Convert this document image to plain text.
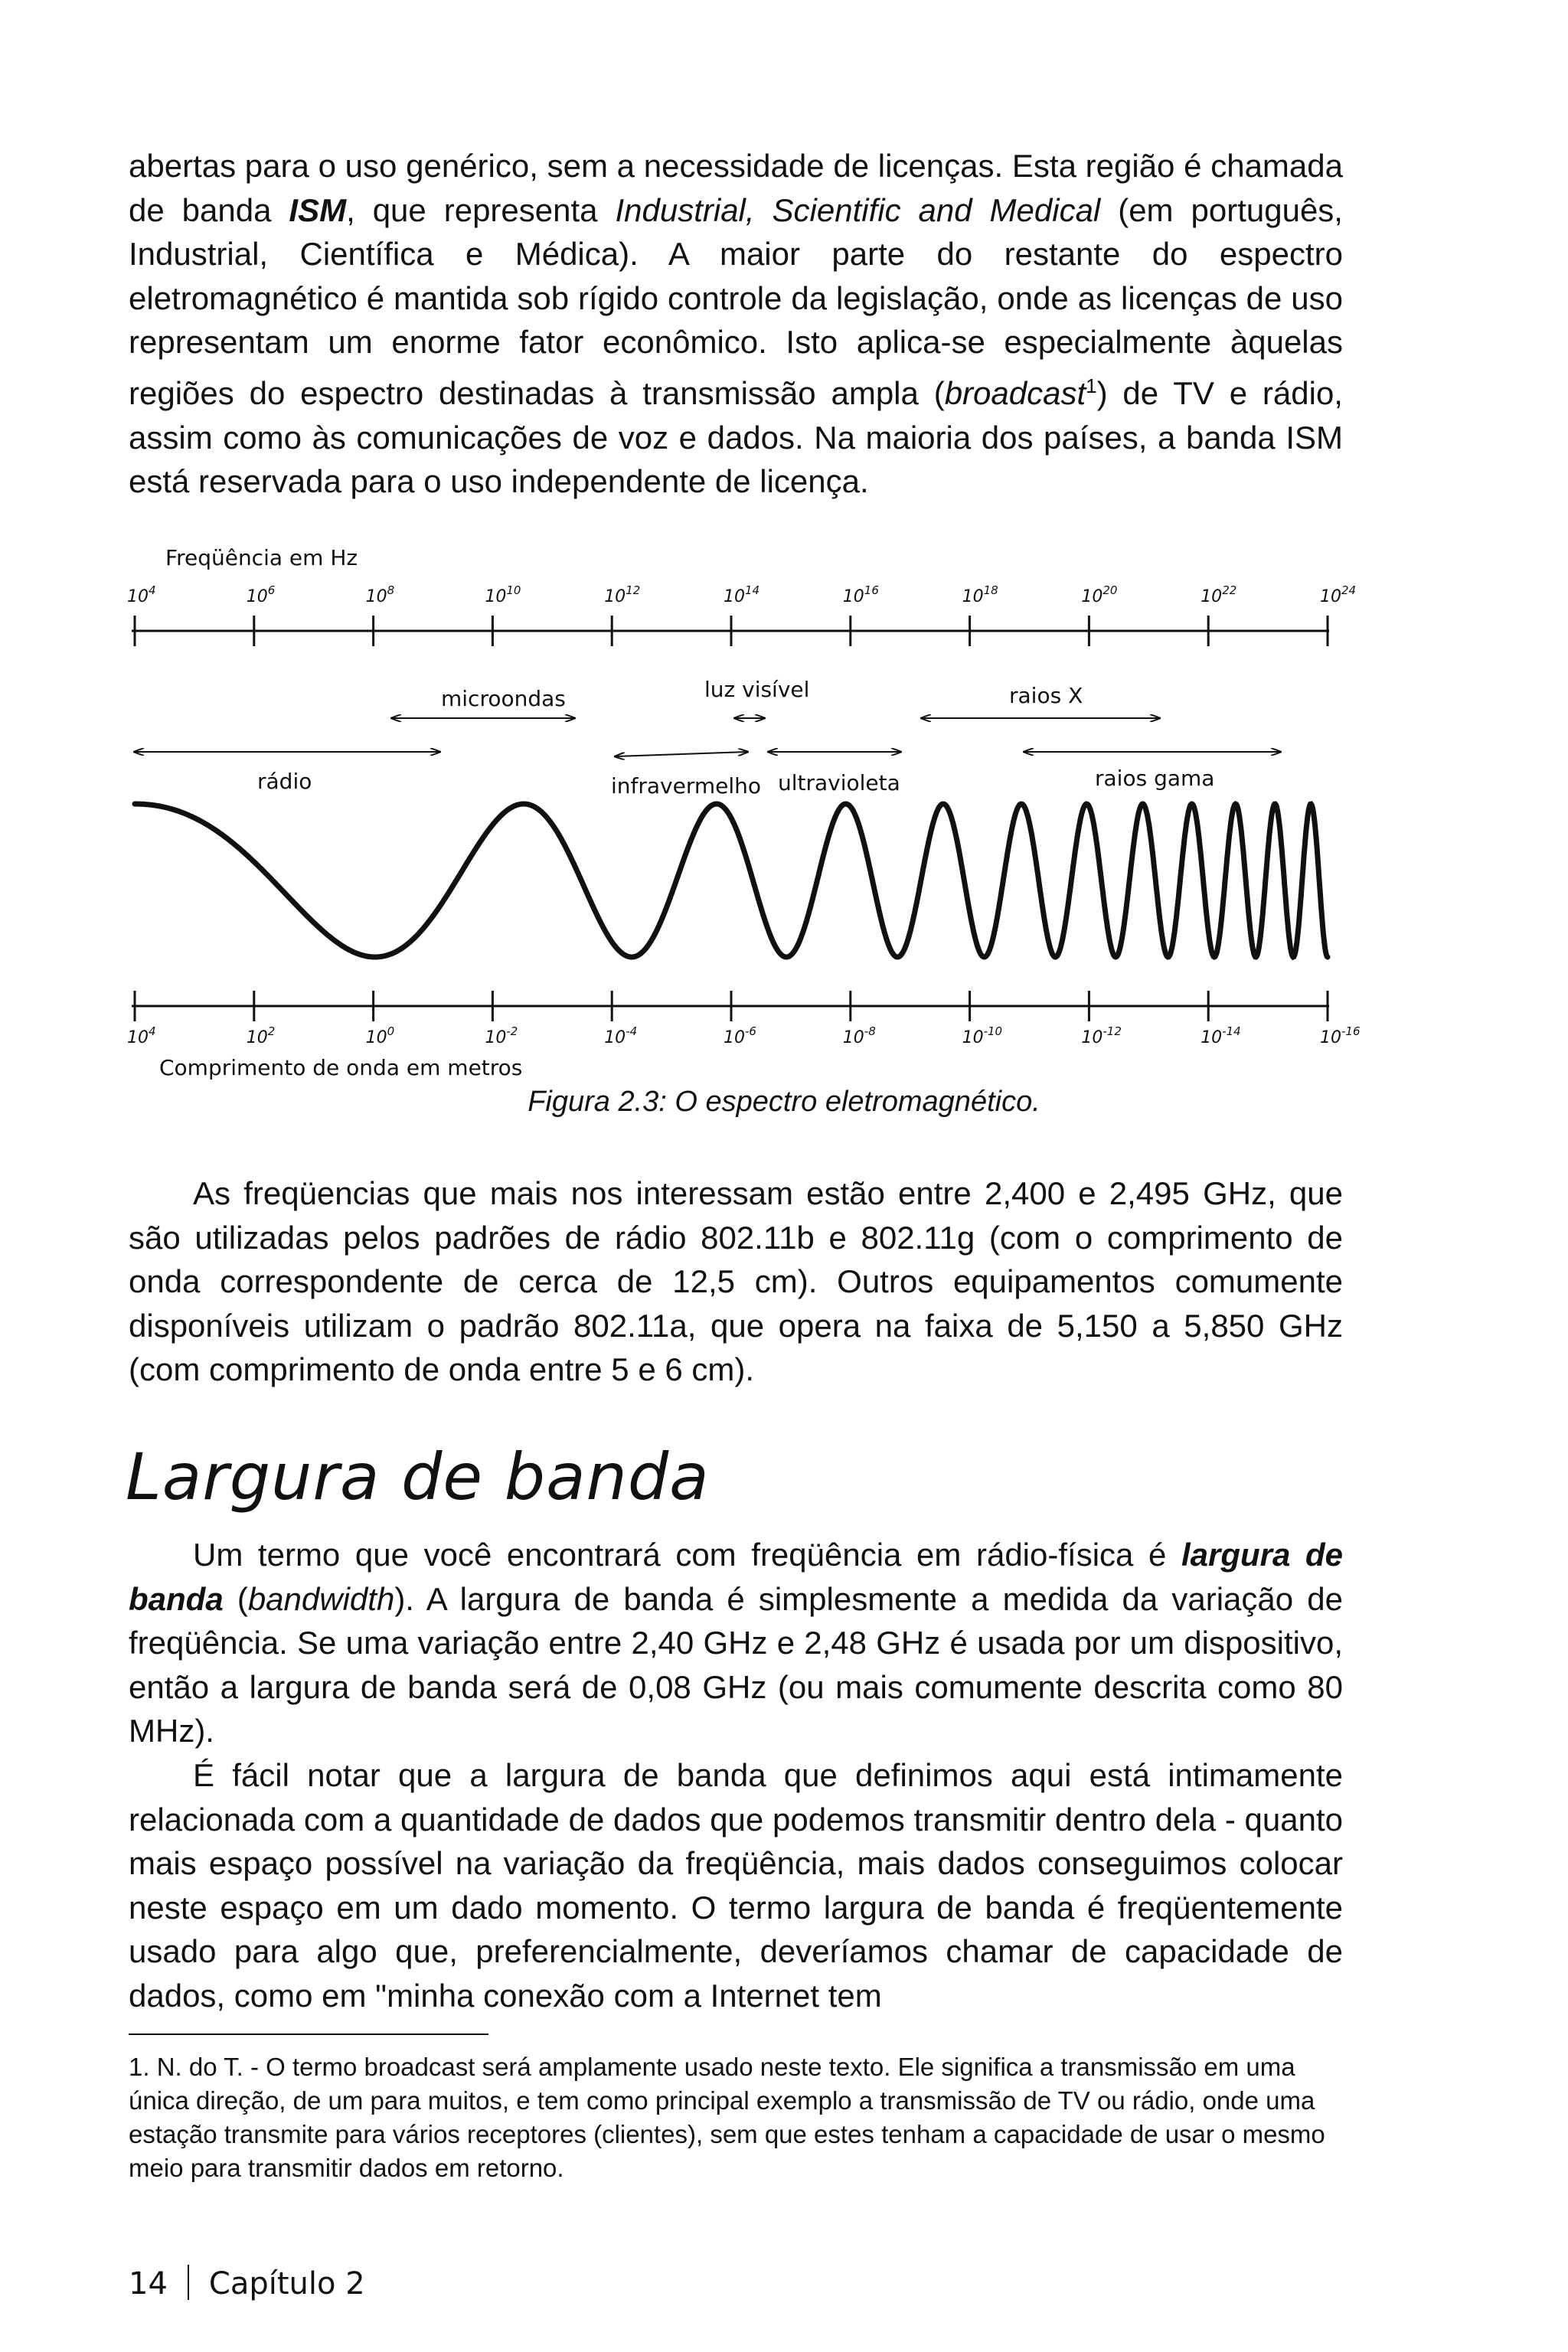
abertas para o uso genérico, sem a necessidade de licenças. Esta região é chamada de banda ISM, que representa Industrial, Scientific and Medical (em português, Industrial, Científica e Médica). A maior parte do restante do espectro eletromagnético é mantida sob rígido controle da legislação, onde as licenças de uso representam um enorme fator econômico. Isto aplica-se especialmente àquelas regiões do espectro destinadas à transmissão ampla (broadcast$^1$) de TV e rádio, assim como às comunicações de voz e dados. Na maioria dos países, a banda ISM está reservada para o uso independente de licença.

Freqüência em Hz
$10^4$	$10^6$	$10^8$	$10^{10}$	$10^{12}$	$10^{14}$	$10^{16}$	$10^{18}$	$10^{20}$	$10^{22}$	$10^{24}$
microondas	luz visível	raios X
rádio	infravermelho ultravioleta	raios gama
$10^4$	$10^2$	$10^0$	$10^{-2}$	$10^{-4}$	$10^{-6}$	$10^{-8}$	$10^{-10}$	$10^{-12}$	$10^{-14}$	$10^{-16}$
Comprimento de onda em metros
Figura 2.3: O espectro eletromagnético.

As freqüencias que mais nos interessam estão entre 2,400 e 2,495 GHz, que são utilizadas pelos padrões de rádio 802.11b e 802.11g (com o comprimento de onda correspondente de cerca de 12,5 cm). Outros equipamentos comumente disponíveis utilizam o padrão 802.11a, que opera na faixa de 5,150 a 5,850 GHz (com comprimento de onda entre 5 e 6 cm).

Largura de banda

Um termo que você encontrará com freqüência em rádio-física é largura de banda (bandwidth). A largura de banda é simplesmente a medida da variação de freqüência. Se uma variação entre 2,40 GHz e 2,48 GHz é usada por um dispositivo, então a largura de banda será de 0,08 GHz (ou mais comumente descrita como 80 MHz).

É fácil notar que a largura de banda que definimos aqui está intimamente relacionada com a quantidade de dados que podemos transmitir dentro dela - quanto mais espaço possível na variação da freqüência, mais dados conseguimos colocar neste espaço em um dado momento. O termo largura de banda é freqüentemente usado para algo que, preferencialmente, deveríamos chamar de capacidade de dados, como em "minha conexão com a Internet tem

1. N. do T. - O termo broadcast será amplamente usado neste texto. Ele significa a transmissão em uma única direção, de um para muitos, e tem como principal exemplo a transmissão de TV ou rádio, onde uma estação transmite para vários receptores (clientes), sem que estes tenham a capacidade de usar o mesmo meio para transmitir dados em retorno.

14 Capítulo 2
